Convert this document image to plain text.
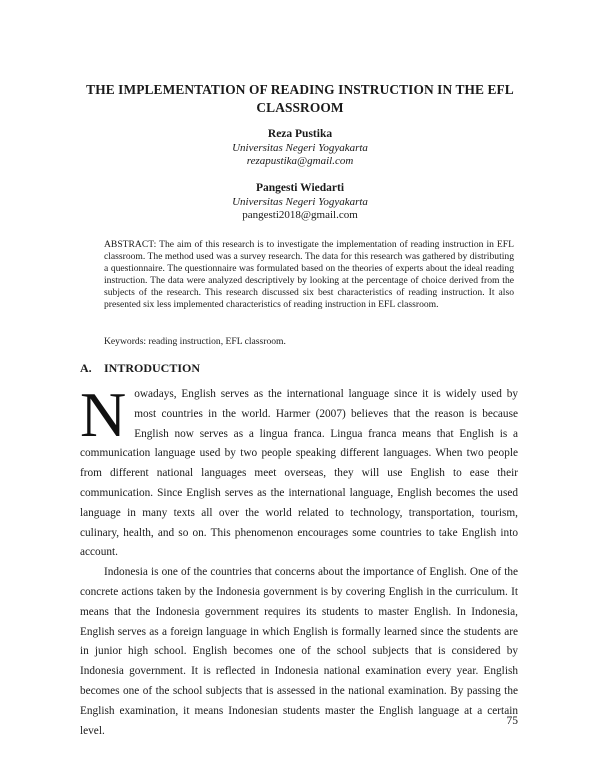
THE IMPLEMENTATION OF READING INSTRUCTION IN THE EFL CLASSROOM
Reza Pustika
Universitas Negeri Yogyakarta
rezapustika@gmail.com
Pangesti Wiedarti
Universitas Negeri Yogyakarta
pangesti2018@gmail.com
ABSTRACT: The aim of this research is to investigate the implementation of reading instruction in EFL classroom. The method used was a survey research. The data for this research was gathered by distributing a questionnaire. The questionnaire was formulated based on the theories of experts about the ideal reading instruction. The data were analyzed descriptively by looking at the percentage of choice derived from the subjects of the research. This research discussed six best characteristics of reading instruction. It also presented six less implemented characteristics of reading instruction in EFL classroom.
Keywords: reading instruction, EFL classroom.
A. INTRODUCTION

Nowadays, English serves as the international language since it is widely used by most countries in the world. Harmer (2007) believes that the reason is because English now serves as a lingua franca. Lingua franca means that English is a communication language used by two people speaking different languages. When two people from different national languages meet overseas, they will use English to ease their communication. Since English serves as the international language, English becomes the used language in many texts all over the world related to technology, transportation, tourism, culinary, health, and so on. This phenomenon encourages some countries to take English into account.

Indonesia is one of the countries that concerns about the importance of English. One of the concrete actions taken by the Indonesia government is by covering English in the curriculum. It means that the Indonesia government requires its students to master English. In Indonesia, English serves as a foreign language in which English is formally learned since the students are in junior high school. English becomes one of the school subjects that is considered by Indonesia government. It is reflected in Indonesia national examination every year. English becomes one of the school subjects that is assessed in the national examination. By passing the English examination, it means Indonesian students master the English language at a certain level.

75
